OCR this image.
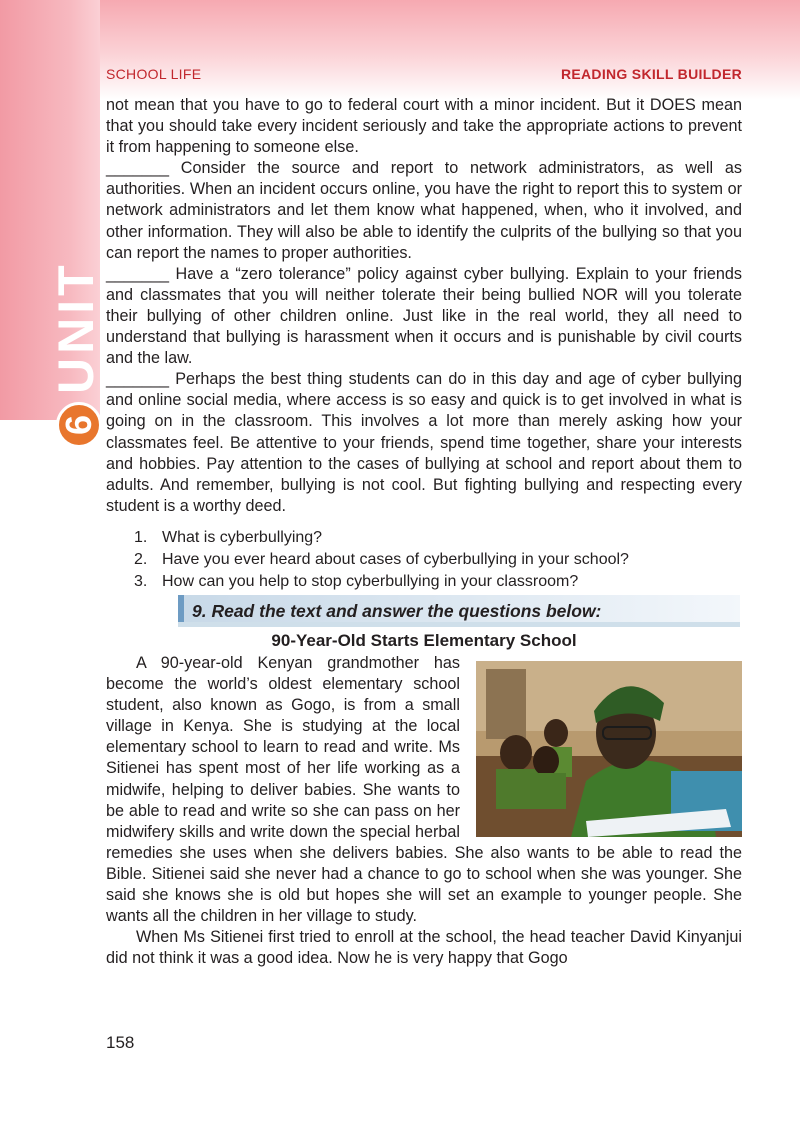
UNIT
6
SCHOOL LIFE	READING SKILL BUILDER

not mean that you have to go to federal court with a minor incident. But it DOES mean that you should take every incident seriously and take the appropriate actions to prevent it from happening to someone else.

_______ Consider the source and report to network administrators, as well as authorities. When an incident occurs online, you have the right to report this to system or network administrators and let them know what happened, when, who it involved, and other information. They will also be able to identify the culprits of the bullying so that you can report the names to proper authorities.

_______ Have a “zero tolerance” policy against cyber bullying. Explain to your friends and classmates that you will neither tolerate their being bullied NOR will you tolerate their bullying of other children online. Just like in the real world, they all need to understand that bullying is harassment when it occurs and is punishable by civil courts and the law.

_______ Perhaps the best thing students can do in this day and age of cyber bullying and online social media, where access is so easy and quick is to get involved in what is going on in the classroom. This involves a lot more than merely asking how your classmates feel. Be attentive to your friends, spend time together, share your interests and hobbies. Pay attention to the cases of bullying at school and report about them to adults. And remember, bullying is not cool. But fighting bullying and respecting every student is a worthy deed.

1. What is cyberbullying?
2. Have you ever heard about cases of cyberbullying in your school?
3. How can you help to stop cyberbullying in your classroom?
9. Read the text and answer the questions below:
90-Year-Old Starts Elementary School

A 90-year-old Kenyan grandmother has become the world’s oldest elementary school student, also known as Gogo, is from a small village in Kenya. She is studying at the local elementary school to learn to read and write. Ms Sitienei has spent most of her life working as a midwife, helping to deliver babies. She wants to be able to read and write so she can pass on her midwifery skills and write down the special herbal remedies she uses when she delivers babies. She also wants to be able to read the Bible. Sitienei said she never had a chance to go to school when she was younger. She said she knows she is old but hopes she will set an example to younger people. She wants all the children in her village to study.

When Ms Sitienei first tried to enroll at the school, the head teacher David Kinyanjui did not think it was a good idea. Now he is very happy that Gogo

158
